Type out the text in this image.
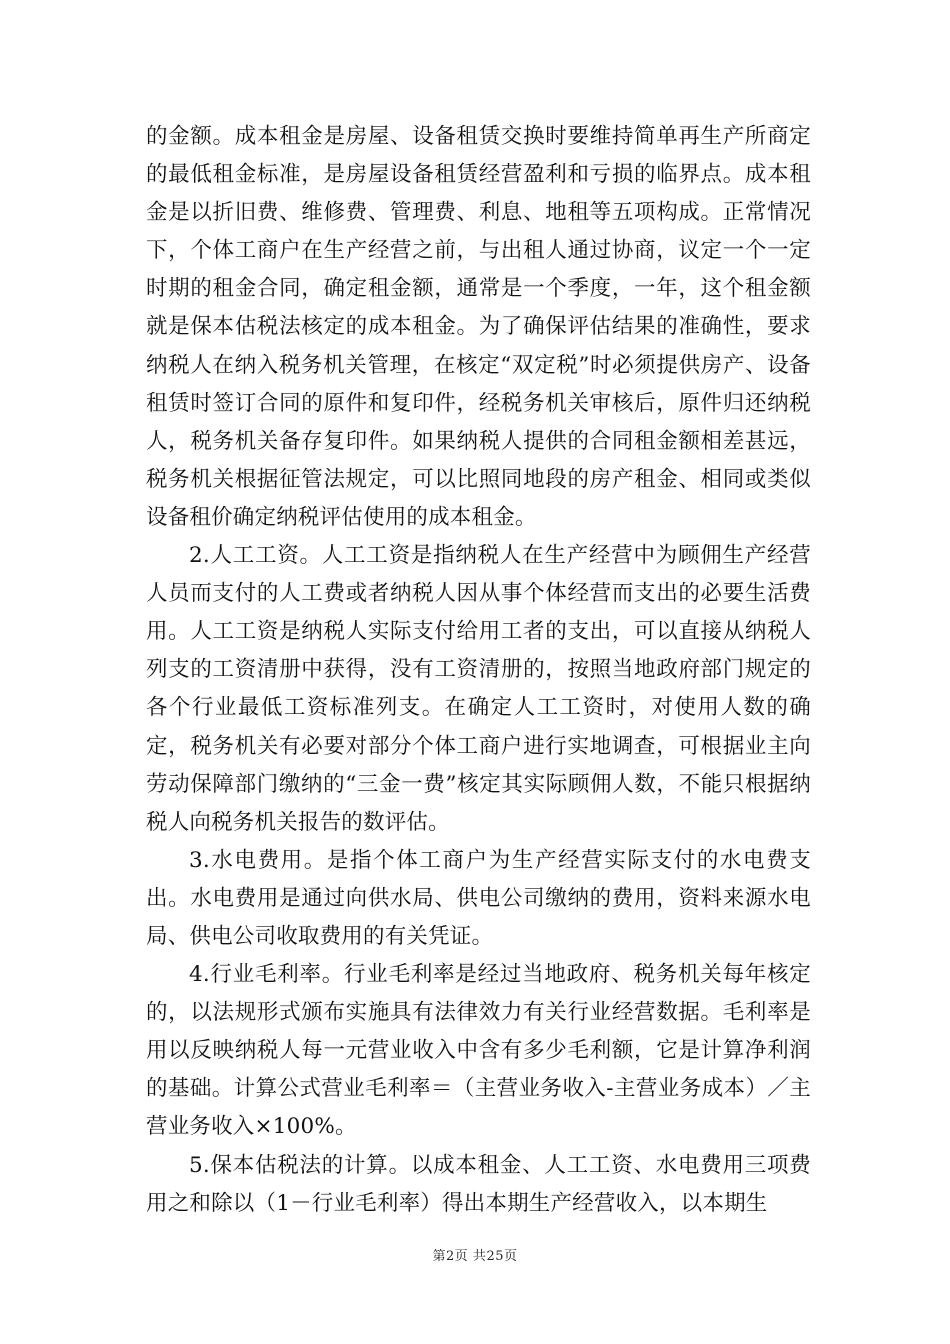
的金额。成本租金是房屋、设备租赁交换时要维持简单再生产所商定的最低租金标准，是房屋设备租赁经营盈利和亏损的临界点。成本租金是以折旧费、维修费、管理费、利息、地租等五项构成。正常情况下，个体工商户在生产经营之前，与出租人通过协商，议定一个一定时期的租金合同，确定租金额，通常是一个季度，一年，这个租金额就是保本估税法核定的成本租金。为了确保评估结果的准确性，要求纳税人在纳入税务机关管理，在核定“双定税”时必须提供房产、设备租赁时签订合同的原件和复印件，经税务机关审核后，原件归还纳税人，税务机关备存复印件。如果纳税人提供的合同租金额相差甚远，税务机关根据征管法规定，可以比照同地段的房产租金、相同或类似设备租价确定纳税评估使用的成本租金。

2.人工工资。人工工资是指纳税人在生产经营中为顾佣生产经营人员而支付的人工费或者纳税人因从事个体经营而支出的必要生活费用。人工工资是纳税人实际支付给用工者的支出，可以直接从纳税人列支的工资清册中获得，没有工资清册的，按照当地政府部门规定的各个行业最低工资标准列支。在确定人工工资时，对使用人数的确定，税务机关有必要对部分个体工商户进行实地调查，可根据业主向劳动保障部门缴纳的“三金一费”核定其实际顾佣人数，不能只根据纳税人向税务机关报告的数评估。

3.水电费用。是指个体工商户为生产经营实际支付的水电费支出。水电费用是通过向供水局、供电公司缴纳的费用，资料来源水电局、供电公司收取费用的有关凭证。

4.行业毛利率。行业毛利率是经过当地政府、税务机关每年核定的，以法规形式颁布实施具有法律效力有关行业经营数据。毛利率是用以反映纳税人每一元营业收入中含有多少毛利额，它是计算净利润的基础。计算公式营业毛利率＝（主营业务收入-主营业务成本）／主营业务收入×100%。

5.保本估税法的计算。以成本租金、人工工资、水电费用三项费用之和除以（1－行业毛利率）得出本期生产经营收入，以本期生

第2页 共25页
